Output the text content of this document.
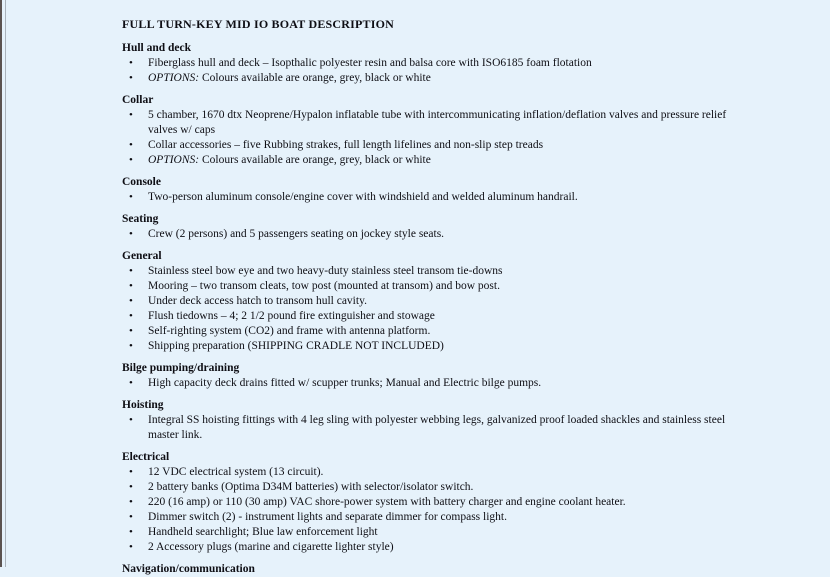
FULL TURN-KEY MID IO BOAT DESCRIPTION
Hull and deck
•	Fiberglass hull and deck – Isopthalic polyester resin and balsa core with ISO6185 foam flotation
•	OPTIONS: Colours available are orange, grey, black or white
Collar
•	5 chamber, 1670 dtx Neoprene/Hypalon inflatable tube with intercommunicating inflation/deflation valves and pressure relief valves w/ caps
•	Collar accessories – five Rubbing strakes, full length lifelines and non-slip step treads
•	OPTIONS: Colours available are orange, grey, black or white
Console
•	Two-person aluminum console/engine cover with windshield and welded aluminum handrail.
Seating
•	Crew (2 persons) and 5 passengers seating on jockey style seats.
General
•	Stainless steel bow eye and two heavy-duty stainless steel transom tie-downs
•	Mooring – two transom cleats, tow post (mounted at transom) and bow post.
•	Under deck access hatch to transom hull cavity.
•	Flush tiedowns – 4; 2 1/2 pound fire extinguisher and stowage
•	Self-righting system (CO2) and frame with antenna platform.
•	Shipping preparation (SHIPPING CRADLE NOT INCLUDED)
Bilge pumping/draining
•	High capacity deck drains fitted w/ scupper trunks; Manual and Electric bilge pumps.
Hoisting
•	Integral SS hoisting fittings with 4 leg sling with polyester webbing legs, galvanized proof loaded shackles and stainless steel master link.
Electrical
•	12 VDC electrical system (13 circuit).
•	2 battery banks (Optima D34M batteries) with selector/isolator switch.
•	220 (16 amp) or 110 (30 amp) VAC shore-power system with battery charger and engine coolant heater.
•	Dimmer switch (2) - instrument lights and separate dimmer for compass light.
•	Handheld searchlight; Blue law enforcement light
•	2 Accessory plugs (marine and cigarette lighter style)
Navigation/communication
